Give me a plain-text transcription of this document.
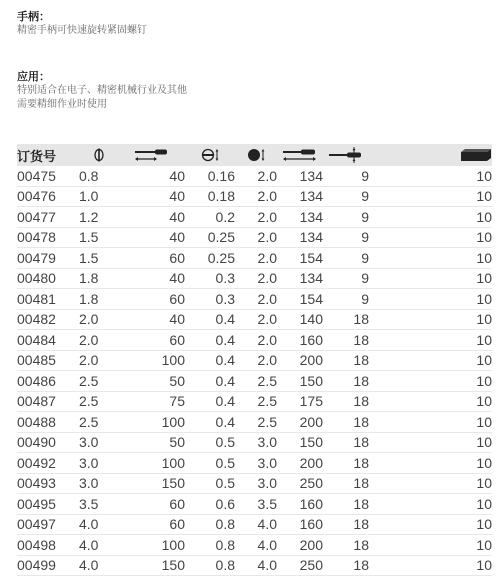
手柄：
精密手柄可快速旋转紧固螺钉
应用：
特别适合在电子、精密机械行业及其他
需要精细作业时使用
订货号	

00475	0.8	40	0.16	2.0	134	9	10
00476	1.0	40	0.18	2.0	134	9	10
00477	1.2	40	0.2	2.0	134	9	10
00478	1.5	40	0.25	2.0	134	9	10
00479	1.5	60	0.25	2.0	154	9	10
00480	1.8	40	0.3	2.0	134	9	10
00481	1.8	60	0.3	2.0	154	9	10
00482	2.0	40	0.4	2.0	140	18	10
00484	2.0	60	0.4	2.0	160	18	10
00485	2.0	100	0.4	2.0	200	18	10
00486	2.5	50	0.4	2.5	150	18	10
00487	2.5	75	0.4	2.5	175	18	10
00488	2.5	100	0.4	2.5	200	18	10
00490	3.0	50	0.5	3.0	150	18	10
00492	3.0	100	0.5	3.0	200	18	10
00493	3.0	150	0.5	3.0	250	18	10
00495	3.5	60	0.6	3.5	160	18	10
00497	4.0	60	0.8	4.0	160	18	10
00498	4.0	100	0.8	4.0	200	18	10
00499	4.0	150	0.8	4.0	250	18	10
